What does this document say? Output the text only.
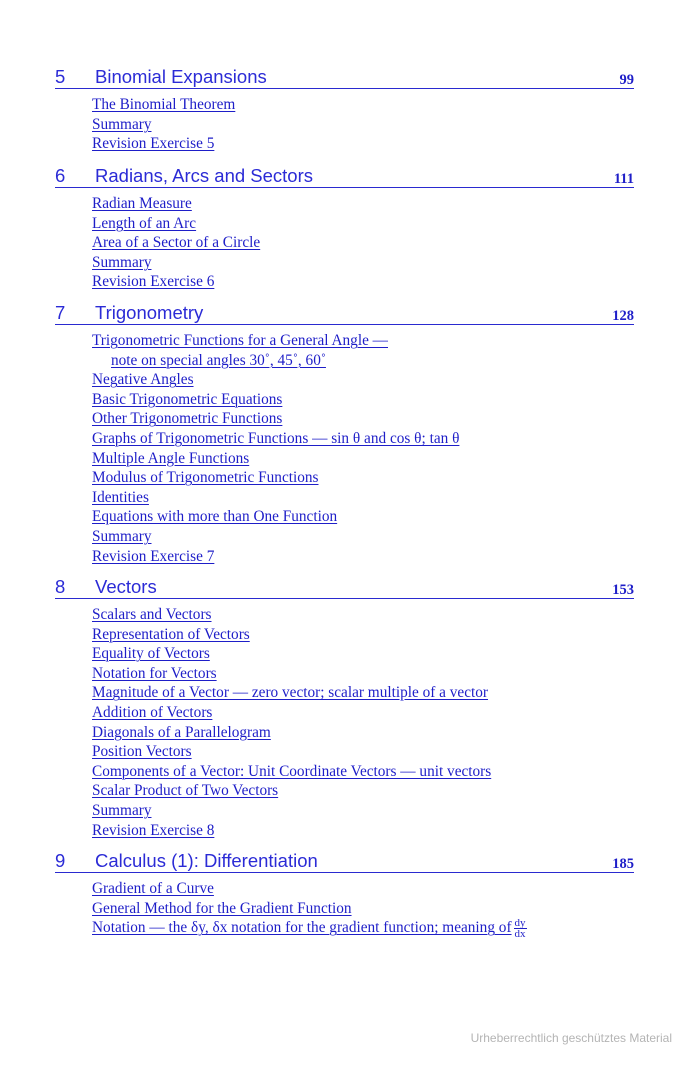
5 Binomial Expansions	99
The Binomial Theorem
Summary
Revision Exercise 5
6 Radians, Arcs and Sectors	111
Radian Measure
Length of an Arc
Area of a Sector of a Circle
Summary
Revision Exercise 6
7 Trigonometry	128
Trigonometric Functions for a General Angle —
note on special angles 30˚, 45˚, 60˚
Negative Angles
Basic Trigonometric Equations
Other Trigonometric Functions
Graphs of Trigonometric Functions — sin θ and cos θ; tan θ
Multiple Angle Functions
Modulus of Trigonometric Functions
Identities
Equations with more than One Function
Summary
Revision Exercise 7
8 Vectors	153
Scalars and Vectors
Representation of Vectors
Equality of Vectors
Notation for Vectors
Magnitude of a Vector — zero vector; scalar multiple of a vector
Addition of Vectors
Diagonals of a Parallelogram
Position Vectors
Components of a Vector: Unit Coordinate Vectors — unit vectors
Scalar Product of Two Vectors
Summary
Revision Exercise 8
9 Calculus (1): Differentiation	185
Gradient of a Curve
General Method for the Gradient Function
Notation — the δy, δx notation for the gradient function; meaning of $\frac{dy}{dx}$
Urheberrechtlich geschütztes Material
